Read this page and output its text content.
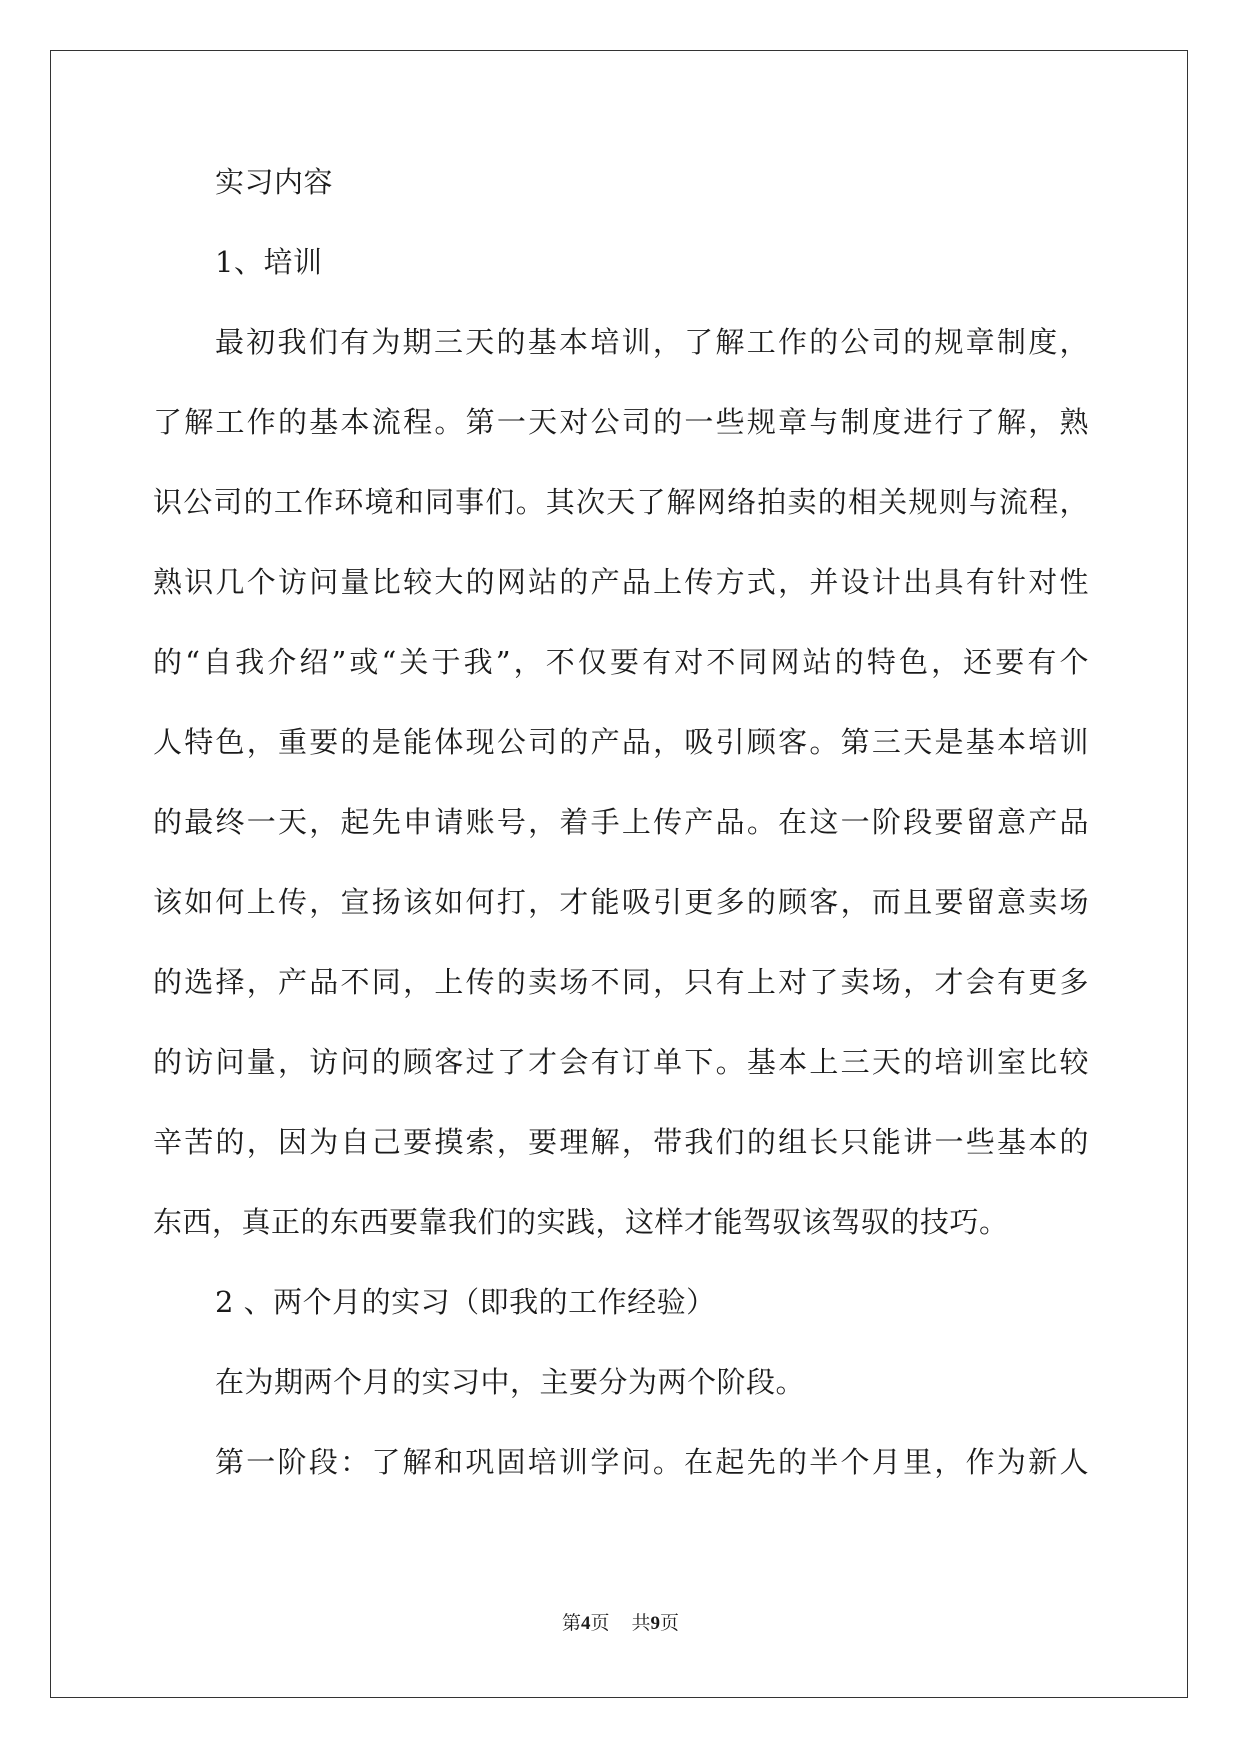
实习内容
1、培训
最初我们有为期三天的基本培训，了解工作的公司的规章制度，
了解工作的基本流程。第一天对公司的一些规章与制度进行了解，熟
识公司的工作环境和同事们。其次天了解网络拍卖的相关规则与流程，
熟识几个访问量比较大的网站的产品上传方式，并设计出具有针对性
的“自我介绍”或“关于我”，不仅要有对不同网站的特色，还要有个
人特色，重要的是能体现公司的产品，吸引顾客。第三天是基本培训
的最终一天，起先申请账号，着手上传产品。在这一阶段要留意产品
该如何上传，宣扬该如何打，才能吸引更多的顾客，而且要留意卖场
的选择，产品不同，上传的卖场不同，只有上对了卖场，才会有更多
的访问量，访问的顾客过了才会有订单下。基本上三天的培训室比较
辛苦的，因为自己要摸索，要理解，带我们的组长只能讲一些基本的
东西，真正的东西要靠我们的实践，这样才能驾驭该驾驭的技巧。
2 、两个月的实习（即我的工作经验）
在为期两个月的实习中，主要分为两个阶段。
第一阶段：了解和巩固培训学问。在起先的半个月里，作为新人
第4页 共9页
